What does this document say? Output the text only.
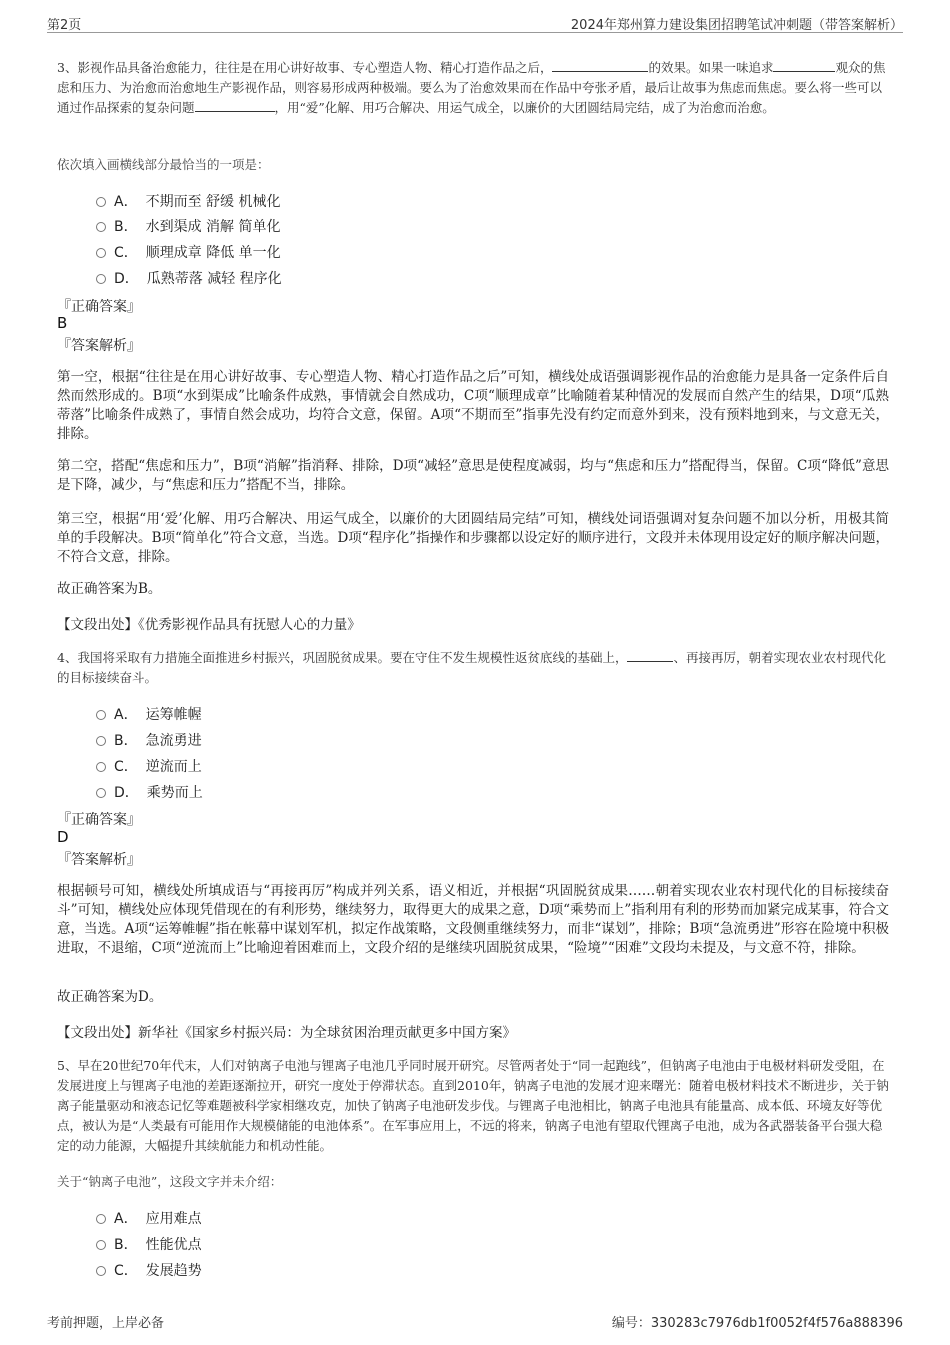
第2页	2024年郑州算力建设集团招聘笔试冲刺题（带答案解析）
3、影视作品具备治愈能力，往往是在用心讲好故事、专心塑造人物、精心打造作品之后，	的效果。如果一味追求	观众的焦虑和压力、为治愈而治愈地生产影视作品，则容易形成两种极端。要么为了治愈效果而在作品中夸张矛盾，最后让故事为焦虑而焦虑。要么将一些可以通过作品探索的复杂问题	，用“爱”化解、用巧合解决、用运气成全，以廉价的大团圆结局完结，成了为治愈而治愈。
依次填入画横线部分最恰当的一项是：
A． 不期而至 舒缓 机械化
B． 水到渠成 消解 简单化
C． 顺理成章 降低 单一化
D． 瓜熟蒂落 减轻 程序化
『正确答案』
B
『答案解析』
第一空，根据“往往是在用心讲好故事、专心塑造人物、精心打造作品之后”可知，横线处成语强调影视作品的治愈能力是具备一定条件后自然而然形成的。B项“水到渠成”比喻条件成熟，事情就会自然成功，C项“顺理成章”比喻随着某种情况的发展而自然产生的结果，D项“瓜熟蒂落”比喻条件成熟了，事情自然会成功，均符合文意，保留。A项“不期而至”指事先没有约定而意外到来，没有预料地到来，与文意无关，排除。
第二空，搭配“焦虑和压力”，B项“消解”指消释、排除，D项“减轻”意思是使程度减弱，均与“焦虑和压力”搭配得当，保留。C项“降低”意思是下降，减少，与“焦虑和压力”搭配不当，排除。
第三空，根据“用‘爱’化解、用巧合解决、用运气成全，以廉价的大团圆结局完结”可知，横线处词语强调对复杂问题不加以分析，用极其简单的手段解决。B项“简单化”符合文意，当选。D项“程序化”指操作和步骤都以设定好的顺序进行，文段并未体现用设定好的顺序解决问题，不符合文意，排除。
故正确答案为B。
【文段出处】《优秀影视作品具有抚慰人心的力量》
4、我国将采取有力措施全面推进乡村振兴，巩固脱贫成果。要在守住不发生规模性返贫底线的基础上，	、再接再厉，朝着实现农业农村现代化的目标接续奋斗。
A． 运筹帷幄
B． 急流勇进
C． 逆流而上
D． 乘势而上
『正确答案』
D
『答案解析』
根据顿号可知，横线处所填成语与“再接再厉”构成并列关系，语义相近，并根据“巩固脱贫成果……朝着实现农业农村现代化的目标接续奋斗”可知，横线处应体现凭借现在的有利形势，继续努力，取得更大的成果之意，D项“乘势而上”指利用有利的形势而加紧完成某事，符合文意，当选。A项“运筹帷幄”指在帐幕中谋划军机，拟定作战策略，文段侧重继续努力，而非“谋划”，排除；B项“急流勇进”形容在险境中积极进取，不退缩，C项“逆流而上”比喻迎着困难而上，文段介绍的是继续巩固脱贫成果，“险境”“困难”文段均未提及，与文意不符，排除。
故正确答案为D。
【文段出处】新华社《国家乡村振兴局：为全球贫困治理贡献更多中国方案》
5、早在20世纪70年代末，人们对钠离子电池与锂离子电池几乎同时展开研究。尽管两者处于“同一起跑线”，但钠离子电池由于电极材料研发受阻，在发展进度上与锂离子电池的差距逐渐拉开，研究一度处于停滞状态。直到2010年，钠离子电池的发展才迎来曙光：随着电极材料技术不断进步，关于钠离子能量驱动和液态记忆等难题被科学家相继攻克，加快了钠离子电池研发步伐。与锂离子电池相比，钠离子电池具有能量高、成本低、环境友好等优点，被认为是“人类最有可能用作大规模储能的电池体系”。在军事应用上，不远的将来，钠离子电池有望取代锂离子电池，成为各武器装备平台强大稳定的动力能源，大幅提升其续航能力和机动性能。
关于“钠离子电池”，这段文字并未介绍：
A． 应用难点
B． 性能优点
C． 发展趋势
考前押题，上岸必备	编号：330283c7976db1f0052f4f576a888396
